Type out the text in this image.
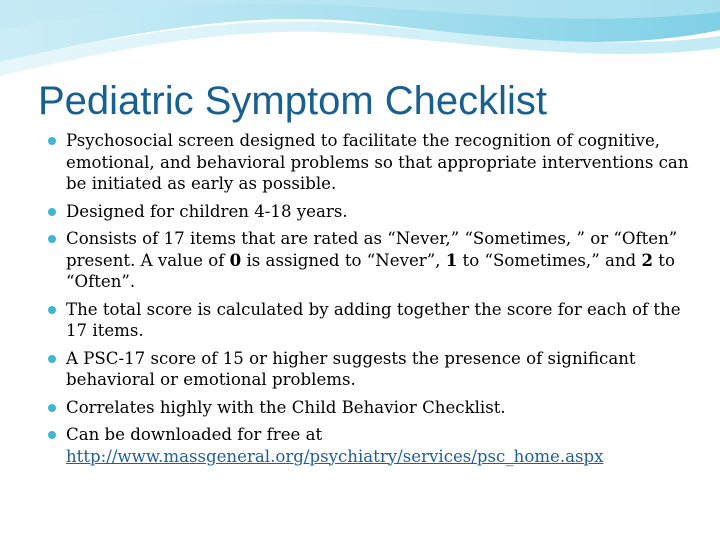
Pediatric Symptom Checklist
Psychosocial screen designed to facilitate the recognition of cognitive, emotional, and behavioral problems so that appropriate interventions can be initiated as early as possible.
Designed for children 4-18 years.
Consists of 17 items that are rated as “Never,” “Sometimes, ” or “Often” present. A value of 0 is assigned to “Never”, 1 to “Sometimes,” and 2 to “Often”.
The total score is calculated by adding together the score for each of the 17 items.
A PSC-17 score of 15 or higher suggests the presence of significant behavioral or emotional problems.
Correlates highly with the Child Behavior Checklist.
Can be downloaded for free at
http://www.massgeneral.org/psychiatry/services/psc_home.aspx
